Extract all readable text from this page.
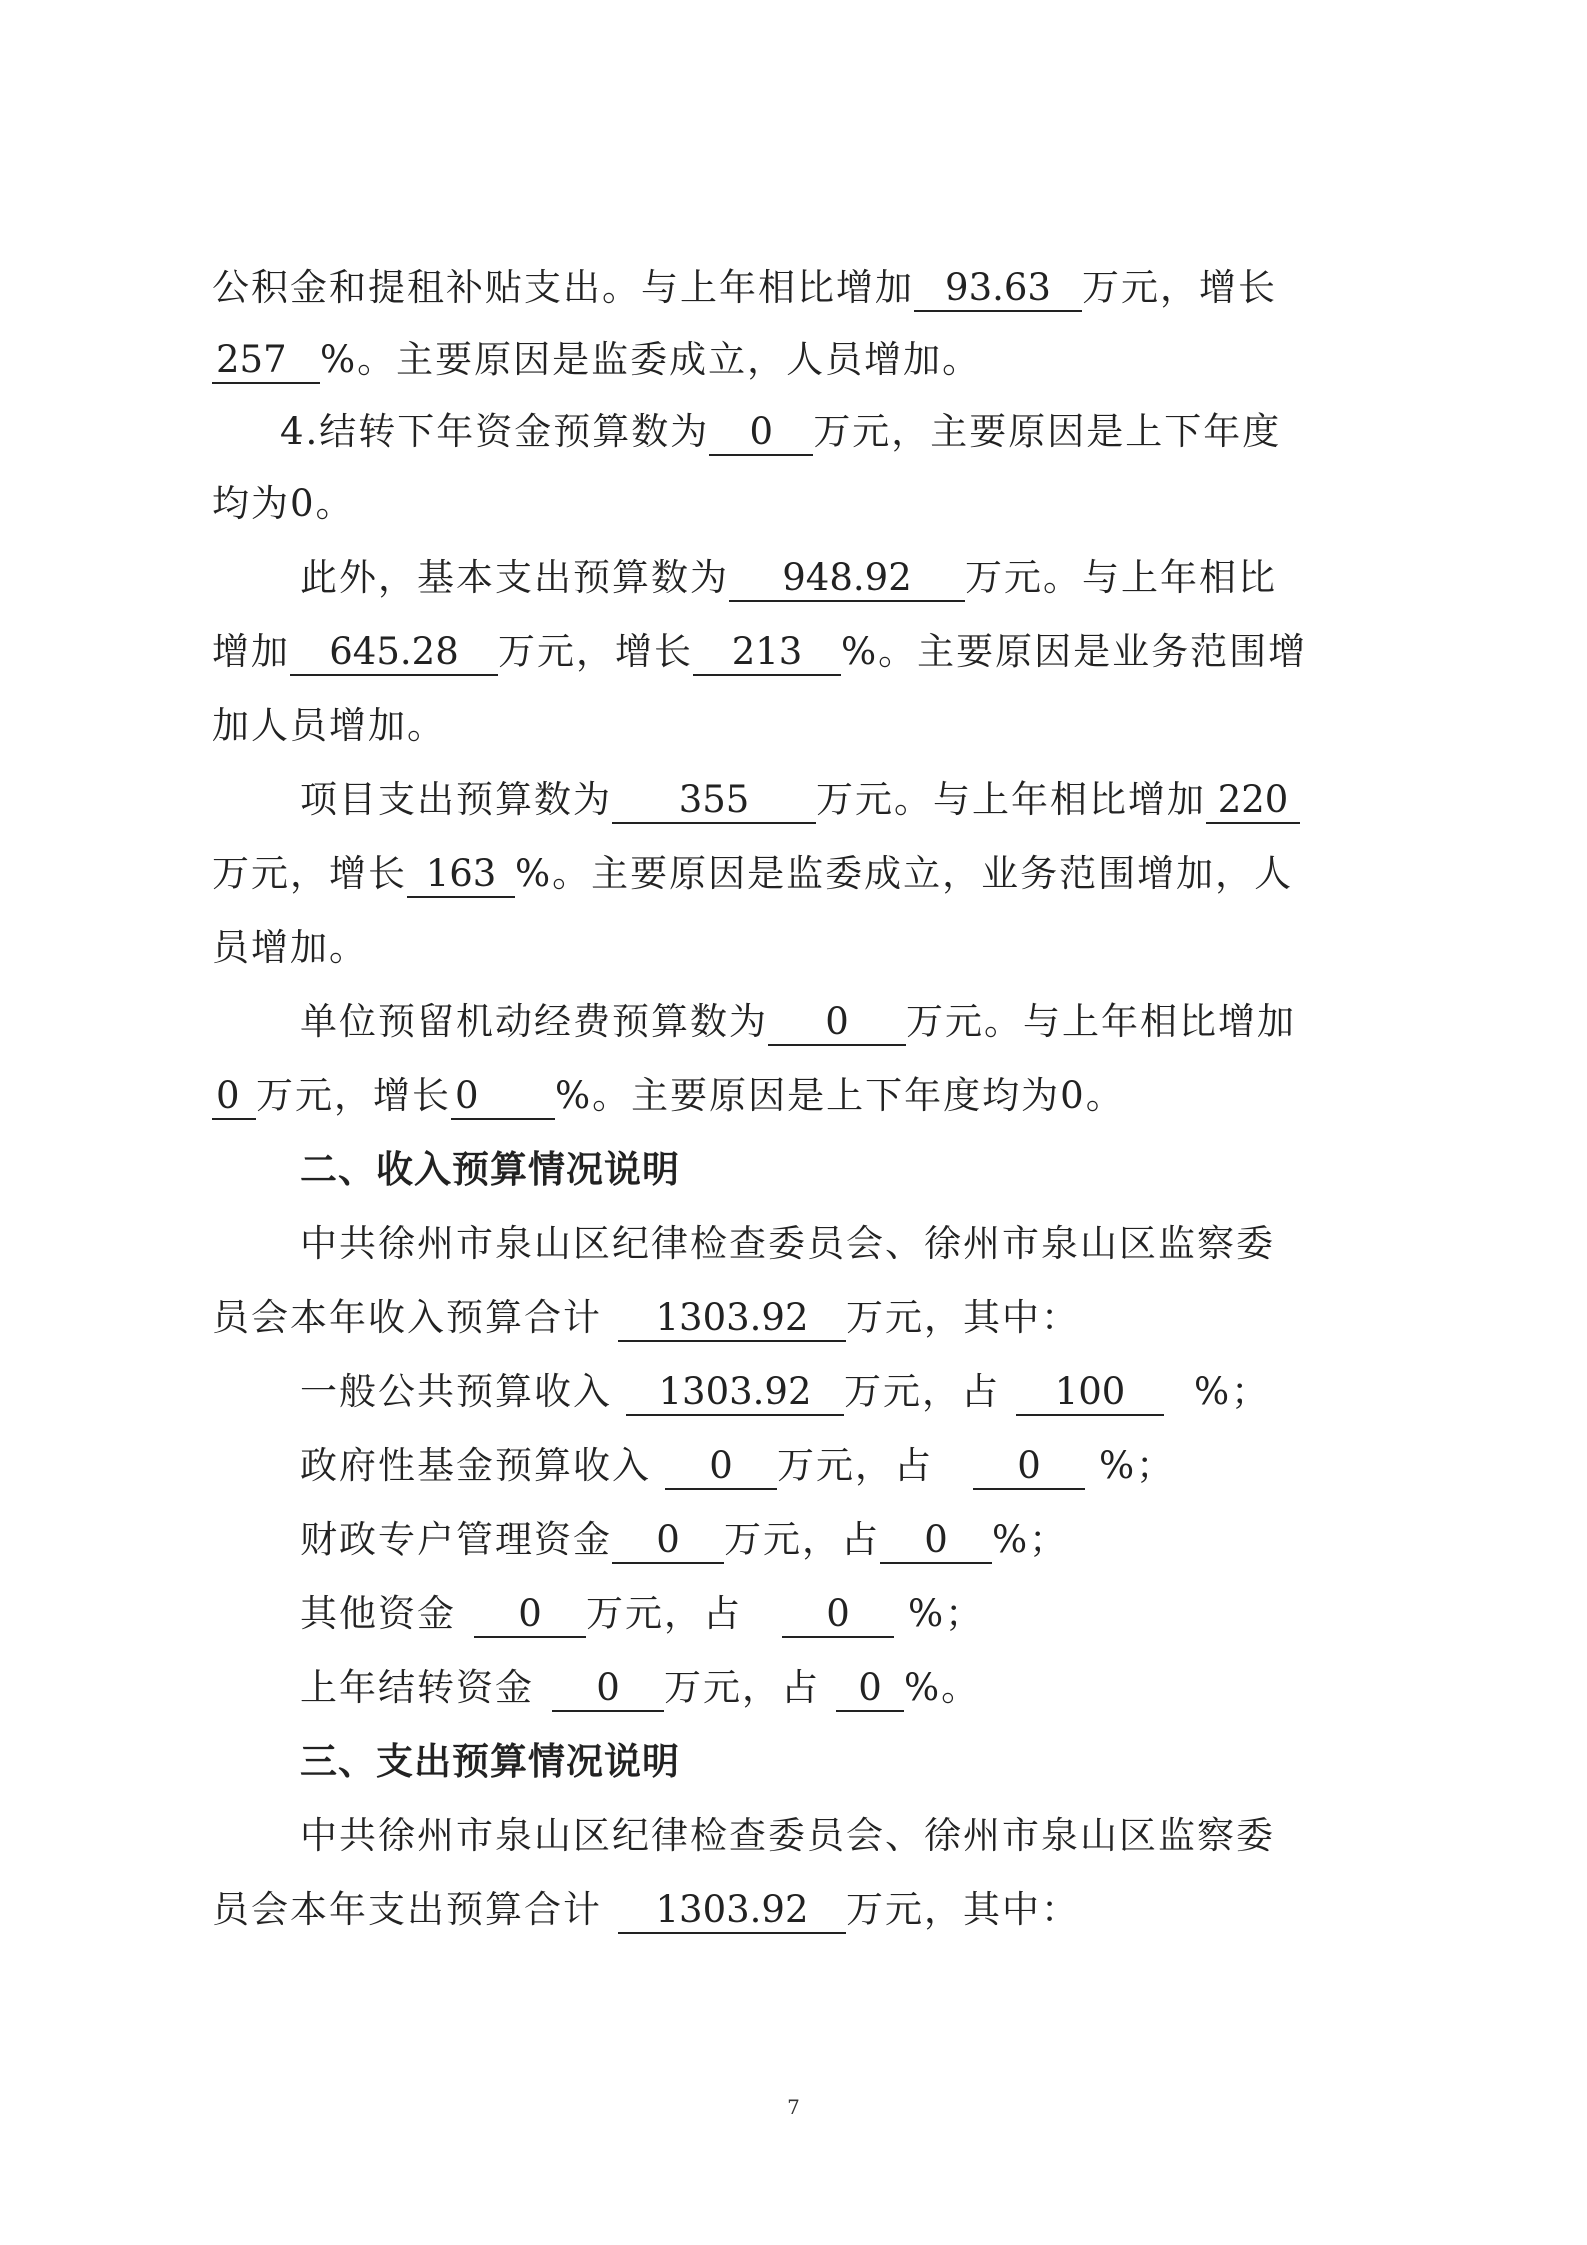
公积金和提租补贴支出。与上年相比增加 93.63 万元，增长
257 %。主要原因是监委成立，人员增加。
4.结转下年资金预算数为 0 万元，主要原因是上下年度
均为0。
此外，基本支出预算数为 948.92 万元。与上年相比
增加 645.28 万元，增长 213 %。主要原因是业务范围增
加人员增加。
项目支出预算数为 355 万元。与上年相比增加 220
万元，增长 163 %。主要原因是监委成立，业务范围增加，人
员增加。
单位预留机动经费预算数为 0 万元。与上年相比增加
0 万元，增长 0 %。主要原因是上下年度均为0。
二、收入预算情况说明
中共徐州市泉山区纪律检查委员会、徐州市泉山区监察委
员会本年收入预算合计 1303.92 万元，其中：
一般公共预算收入 1303.92 万元，占 100 %；
政府性基金预算收入 0 万元，占 0 %；
财政专户管理资金 0 万元，占 0 %；
其他资金 0 万元，占 0 %；
上年结转资金 0 万元，占 0 %。
三、支出预算情况说明
中共徐州市泉山区纪律检查委员会、徐州市泉山区监察委
员会本年支出预算合计 1303.92 万元，其中：
7
